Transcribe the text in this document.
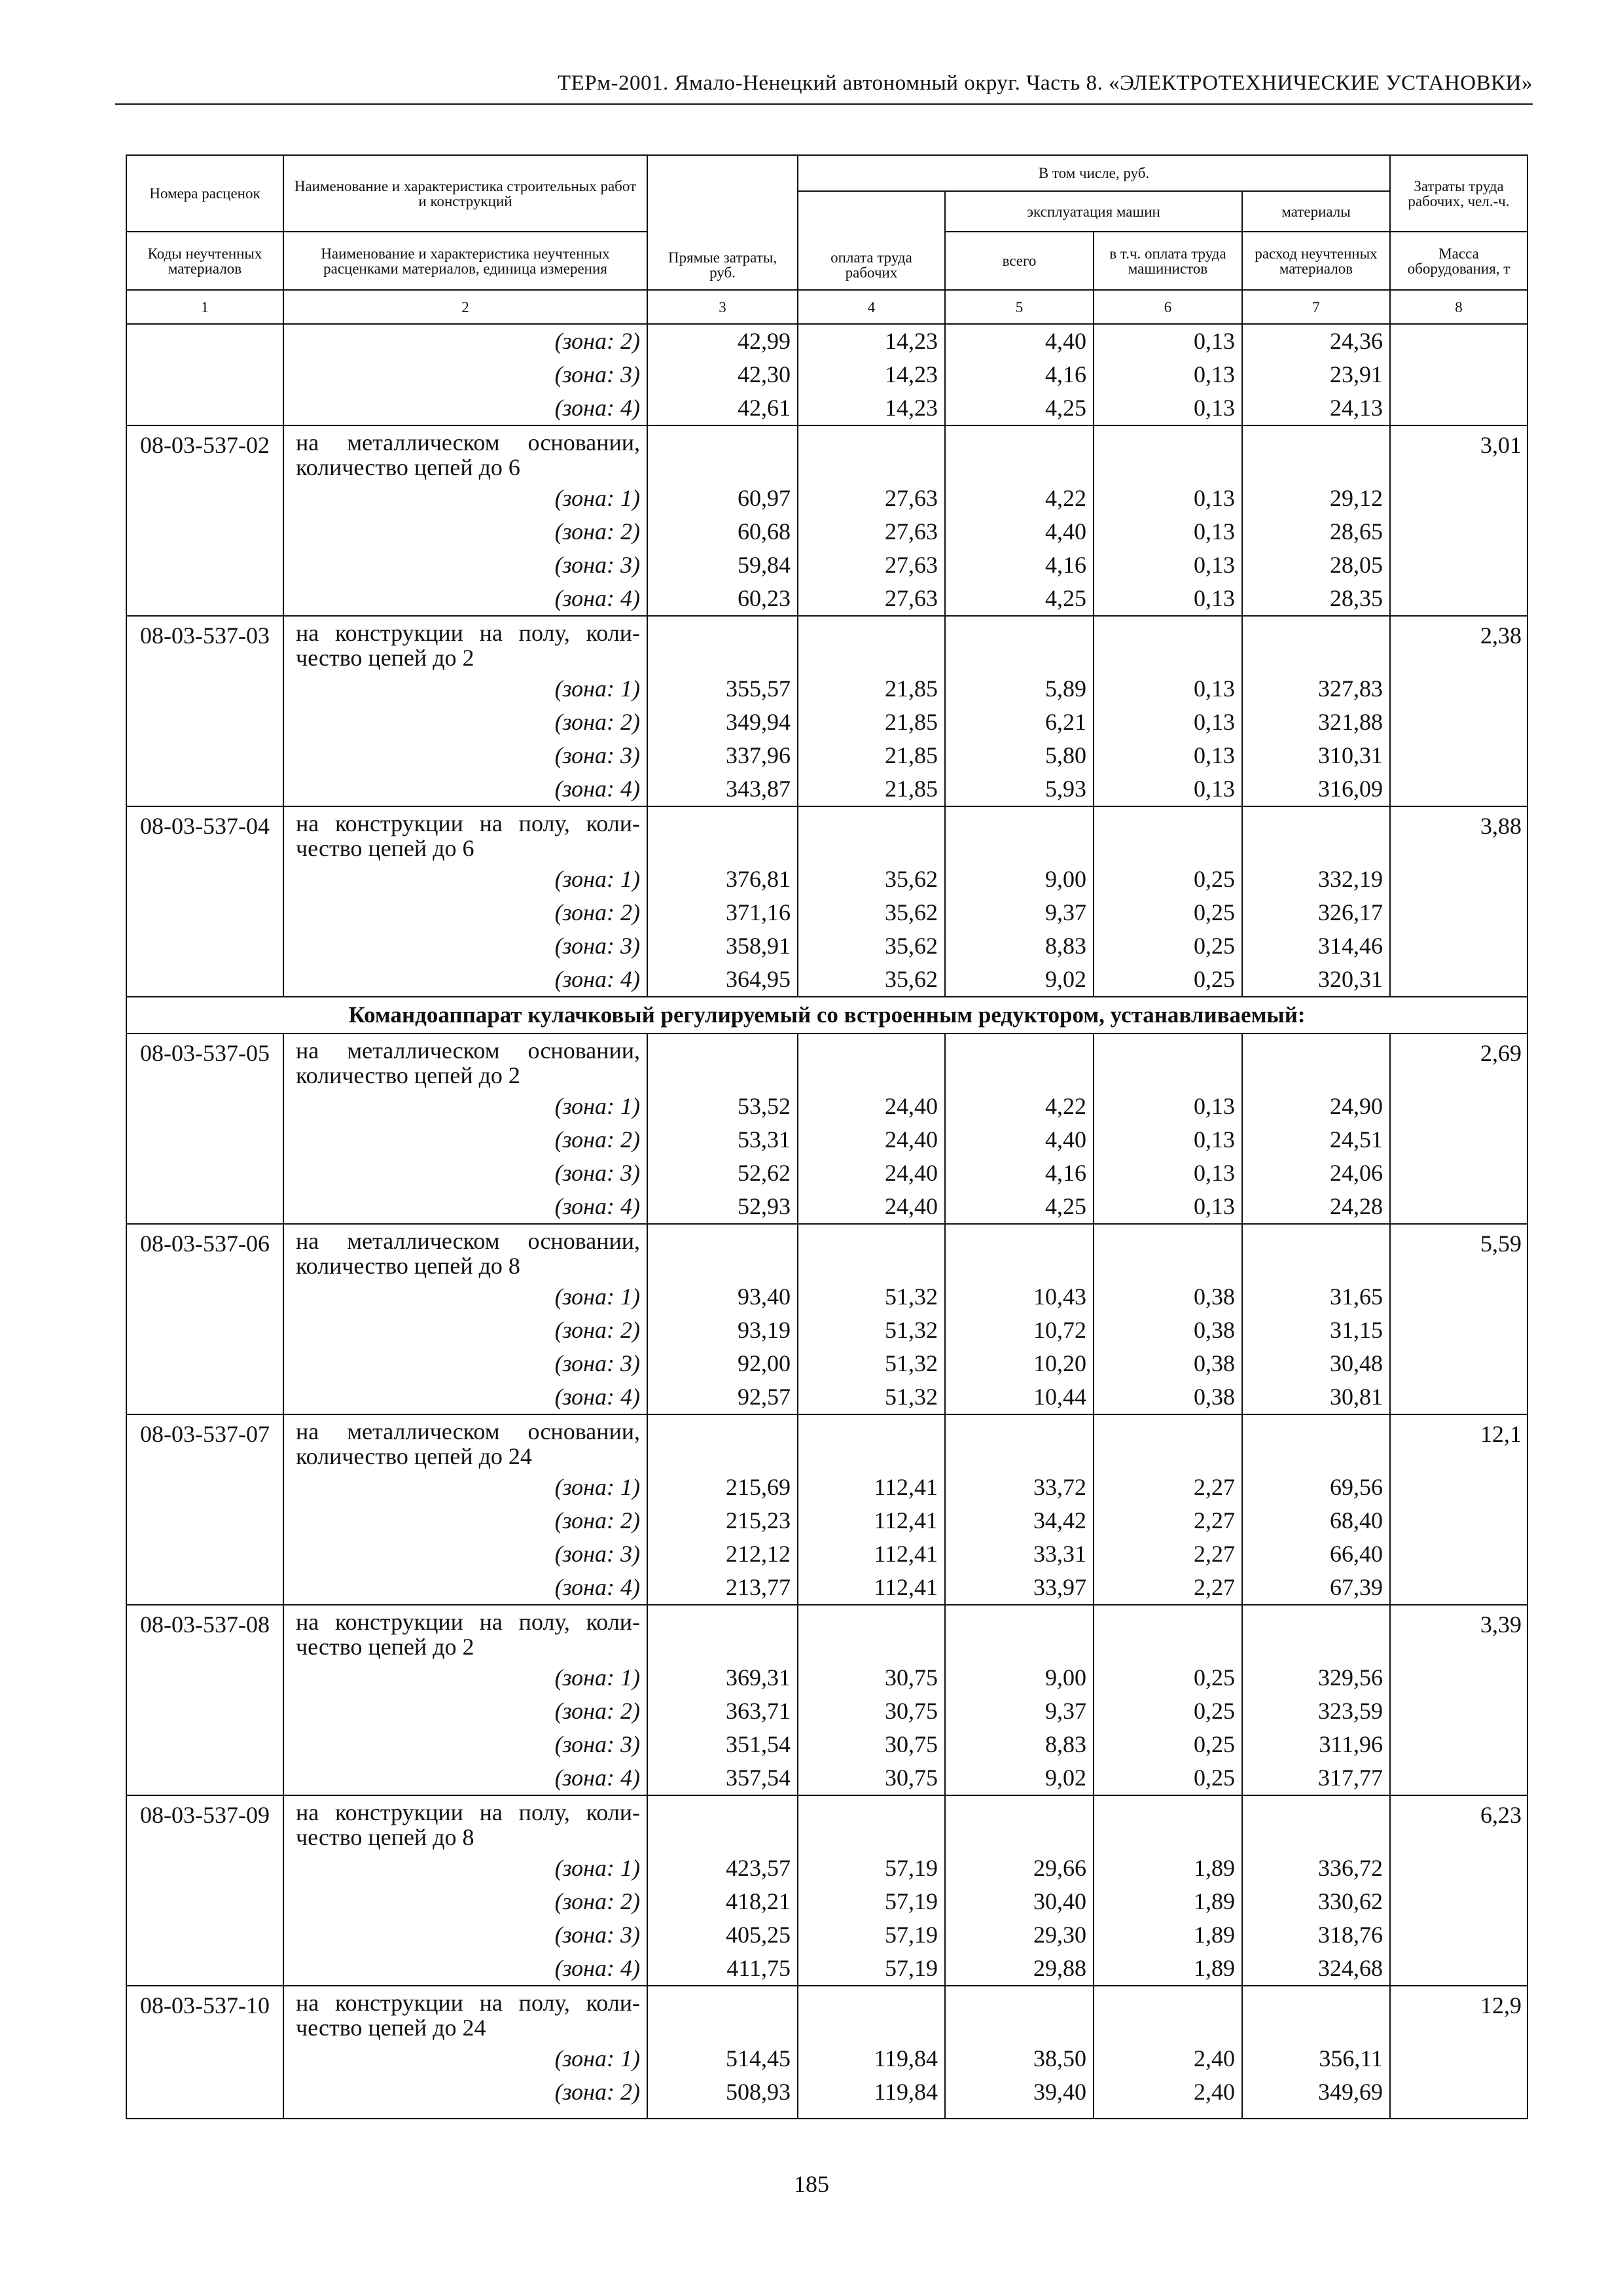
ТЕРм-2001. Ямало-Ненецкий автономный округ. Часть 8. «ЭЛЕКТРОТЕХНИЧЕСКИЕ УСТАНОВКИ»
Номера расценок	Наименование и характеристика строительных работ и конструкций	Прямые затраты, руб.	В том числе, руб.				Затраты труда рабочих, чел.-ч.
			оплата труда рабочих	эксплуатация машин		материалы	
Коды неучтенных материалов	Наименование и характеристика неучтенных расценками материалов, единица измерения			всего	в т.ч. оплата труда машинистов	расход неучтенных материалов	Масса оборудования, т
1	2	3	4	5	6	7	8
	(зона: 2)	42,99	14,23	4,40	0,13	24,36	
	(зона: 3)	42,30	14,23	4,16	0,13	23,91	
	(зона: 4)	42,61	14,23	4,25	0,13	24,13	
08-03-537-02	на металлическом основании, количество цепей до 6						3,01
	(зона: 1)	60,97	27,63	4,22	0,13	29,12	
	(зона: 2)	60,68	27,63	4,40	0,13	28,65	
	(зона: 3)	59,84	27,63	4,16	0,13	28,05	
	(зона: 4)	60,23	27,63	4,25	0,13	28,35	
08-03-537-03	на конструкции на полу, коли-чество цепей до 2						2,38
	(зона: 1)	355,57	21,85	5,89	0,13	327,83	
	(зона: 2)	349,94	21,85	6,21	0,13	321,88	
	(зона: 3)	337,96	21,85	5,80	0,13	310,31	
	(зона: 4)	343,87	21,85	5,93	0,13	316,09	
08-03-537-04	на конструкции на полу, коли-чество цепей до 6						3,88
	(зона: 1)	376,81	35,62	9,00	0,25	332,19	
	(зона: 2)	371,16	35,62	9,37	0,25	326,17	
	(зона: 3)	358,91	35,62	8,83	0,25	314,46	
	(зона: 4)	364,95	35,62	9,02	0,25	320,31	
Командоаппарат кулачковый регулируемый со встроенным редуктором, устанавливаемый:							
08-03-537-05	на металлическом основании, количество цепей до 2						2,69
	(зона: 1)	53,52	24,40	4,22	0,13	24,90	
	(зона: 2)	53,31	24,40	4,40	0,13	24,51	
	(зона: 3)	52,62	24,40	4,16	0,13	24,06	
	(зона: 4)	52,93	24,40	4,25	0,13	24,28	
08-03-537-06	на металлическом основании, количество цепей до 8						5,59
	(зона: 1)	93,40	51,32	10,43	0,38	31,65	
	(зона: 2)	93,19	51,32	10,72	0,38	31,15	
	(зона: 3)	92,00	51,32	10,20	0,38	30,48	
	(зона: 4)	92,57	51,32	10,44	0,38	30,81	
08-03-537-07	на металлическом основании, количество цепей до 24						12,1
	(зона: 1)	215,69	112,41	33,72	2,27	69,56	
	(зона: 2)	215,23	112,41	34,42	2,27	68,40	
	(зона: 3)	212,12	112,41	33,31	2,27	66,40	
	(зона: 4)	213,77	112,41	33,97	2,27	67,39	
08-03-537-08	на конструкции на полу, коли-чество цепей до 2						3,39
	(зона: 1)	369,31	30,75	9,00	0,25	329,56	
	(зона: 2)	363,71	30,75	9,37	0,25	323,59	
	(зона: 3)	351,54	30,75	8,83	0,25	311,96	
	(зона: 4)	357,54	30,75	9,02	0,25	317,77	
08-03-537-09	на конструкции на полу, коли-чество цепей до 8						6,23
	(зона: 1)	423,57	57,19	29,66	1,89	336,72	
	(зона: 2)	418,21	57,19	30,40	1,89	330,62	
	(зона: 3)	405,25	57,19	29,30	1,89	318,76	
	(зона: 4)	411,75	57,19	29,88	1,89	324,68	
08-03-537-10	на конструкции на полу, коли-чество цепей до 24						12,9
	(зона: 1)	514,45	119,84	38,50	2,40	356,11	
	(зона: 2)	508,93	119,84	39,40	2,40	349,69	

185
